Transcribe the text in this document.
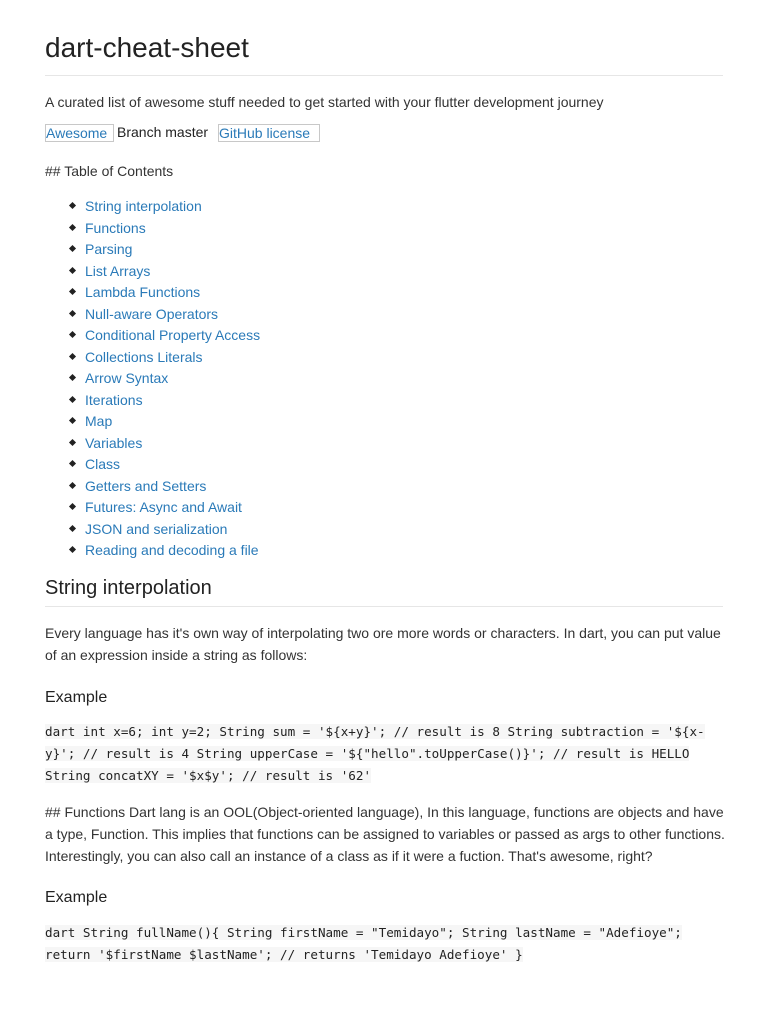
dart-cheat-sheet
A curated list of awesome stuff needed to get started with your flutter development journey
Awesome Branch master GitHub license
## Table of Contents
String interpolation
Functions
Parsing
List Arrays
Lambda Functions
Null-aware Operators
Conditional Property Access
Collections Literals
Arrow Syntax
Iterations
Map
Variables
Class
Getters and Setters
Futures: Async and Await
JSON and serialization
Reading and decoding a file
String interpolation
Every language has it's own way of interpolating two ore more words or characters. In dart, you can put value of an expression inside a string as follows:
Example
dart int x=6; int y=2; String sum = '${x+y}'; // result is 8 String subtraction = '${x-y}'; // result is 4 String upperCase = '${"hello".toUpperCase()}'; // result is HELLO String concatXY = '$x$y'; // result is '62'
## Functions Dart lang is an OOL(Object-oriented language), In this language, functions are objects and have a type, Function. This implies that functions can be assigned to variables or passed as args to other functions. Interestingly, you can also call an instance of a class as if it were a fuction. That's awesome, right?
Example
dart String fullName(){ String firstName = "Temidayo"; String lastName = "Adefioye"; return '$firstName $lastName'; // returns 'Temidayo Adefioye' }
